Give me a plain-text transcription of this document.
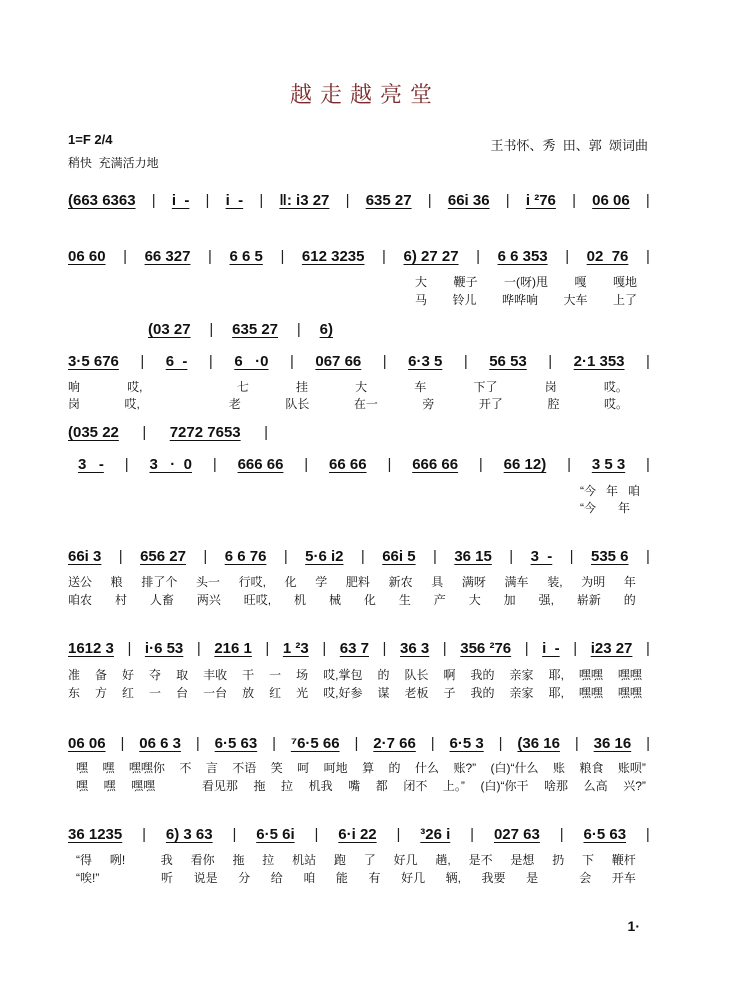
越走越亮堂
1=F 2/4
稍快  充满活力地
王书怀、秀  田、郭  颂词曲
(663 6363 | i  - | i  - | ‖: i3 27 | 635 27 | 66i 36 | i ²76 | 06 06 |
06 60 | 66 327 | 6 6 5 | 612 3235 | 6) 27 27 | 6 6 353 | 02  76 |
大 鞭子 一(呀)甩 嘎 嘎地
马 铃儿 哗哗响 大车 上了
(03 27 | 635 27 | 6)
3·5 676 | 6  - | 6   ·0 | 067 66 | 6·3 5 | 56 53 | 2·1 353 |
响	哎,	七	挂	大	车	下了	岗	哎。
岗	哎,	老	队长	在一	旁	开了	腔	哎。
(035 22 | 7272 7653 |
3   - | 3   ·  0 | 666 66 | 66 66 | 666 66 | 66 12) | 3 5 3 |
“今 年 咱
“今 年
66i 3 | 656 27 | 6 6 76 | 5·6 i2 | 66i 5 | 36 15 | 3  - | 535 6 |
送公 粮 排了个 头一 行哎, 化 学 肥料 新农 具 满呀 满车 装, 为明 年
咱农 村 人畜 两兴 旺哎, 机 械 化 生 产 大 加 强, 崭新 的
1612 3 | i·6 53 | 216 1 | 1 ²3 | 63 7 | 36 3 | 356 ²76 | i  - | i23 27 |
准 备 好 夺 取 丰收 干 一 场 哎,掌包 的 队长 啊 我的 亲家 耶, 嘿嘿 嘿嘿
东 方 红 一 台 一台 放 红 光 哎,好参 谋 老板 子 我的 亲家 耶, 嘿嘿 嘿嘿
06 06 | 06 6 3 | 6·5 63 | ⁷6·5 66 | 2·7 66 | 6·5 3 | (36 16 | 36 16 |
嘿 嘿 嘿嘿你 不 言 不语 笑 呵 呵地 算 的 什么 账?” (白)“什么 账 粮食 账呗”
嘿 嘿 嘿嘿	看见那 拖 拉 机我 嘴 都 闭不 上。” (白)“你干 啥那 么高 兴?”
36 1235 | 6) 3 63 | 6·5 6i | 6·i 22 | ³26 i | 027 63 | 6·5 63 |
“得 咧!	我 看你 拖 拉 机站 跑 了 好几 趟, 是不 是想 扔 下 鞭杆
“唉!”	听 说是 分 给 咱 能 有 好几 辆, 我要 是	会 开车
1·
